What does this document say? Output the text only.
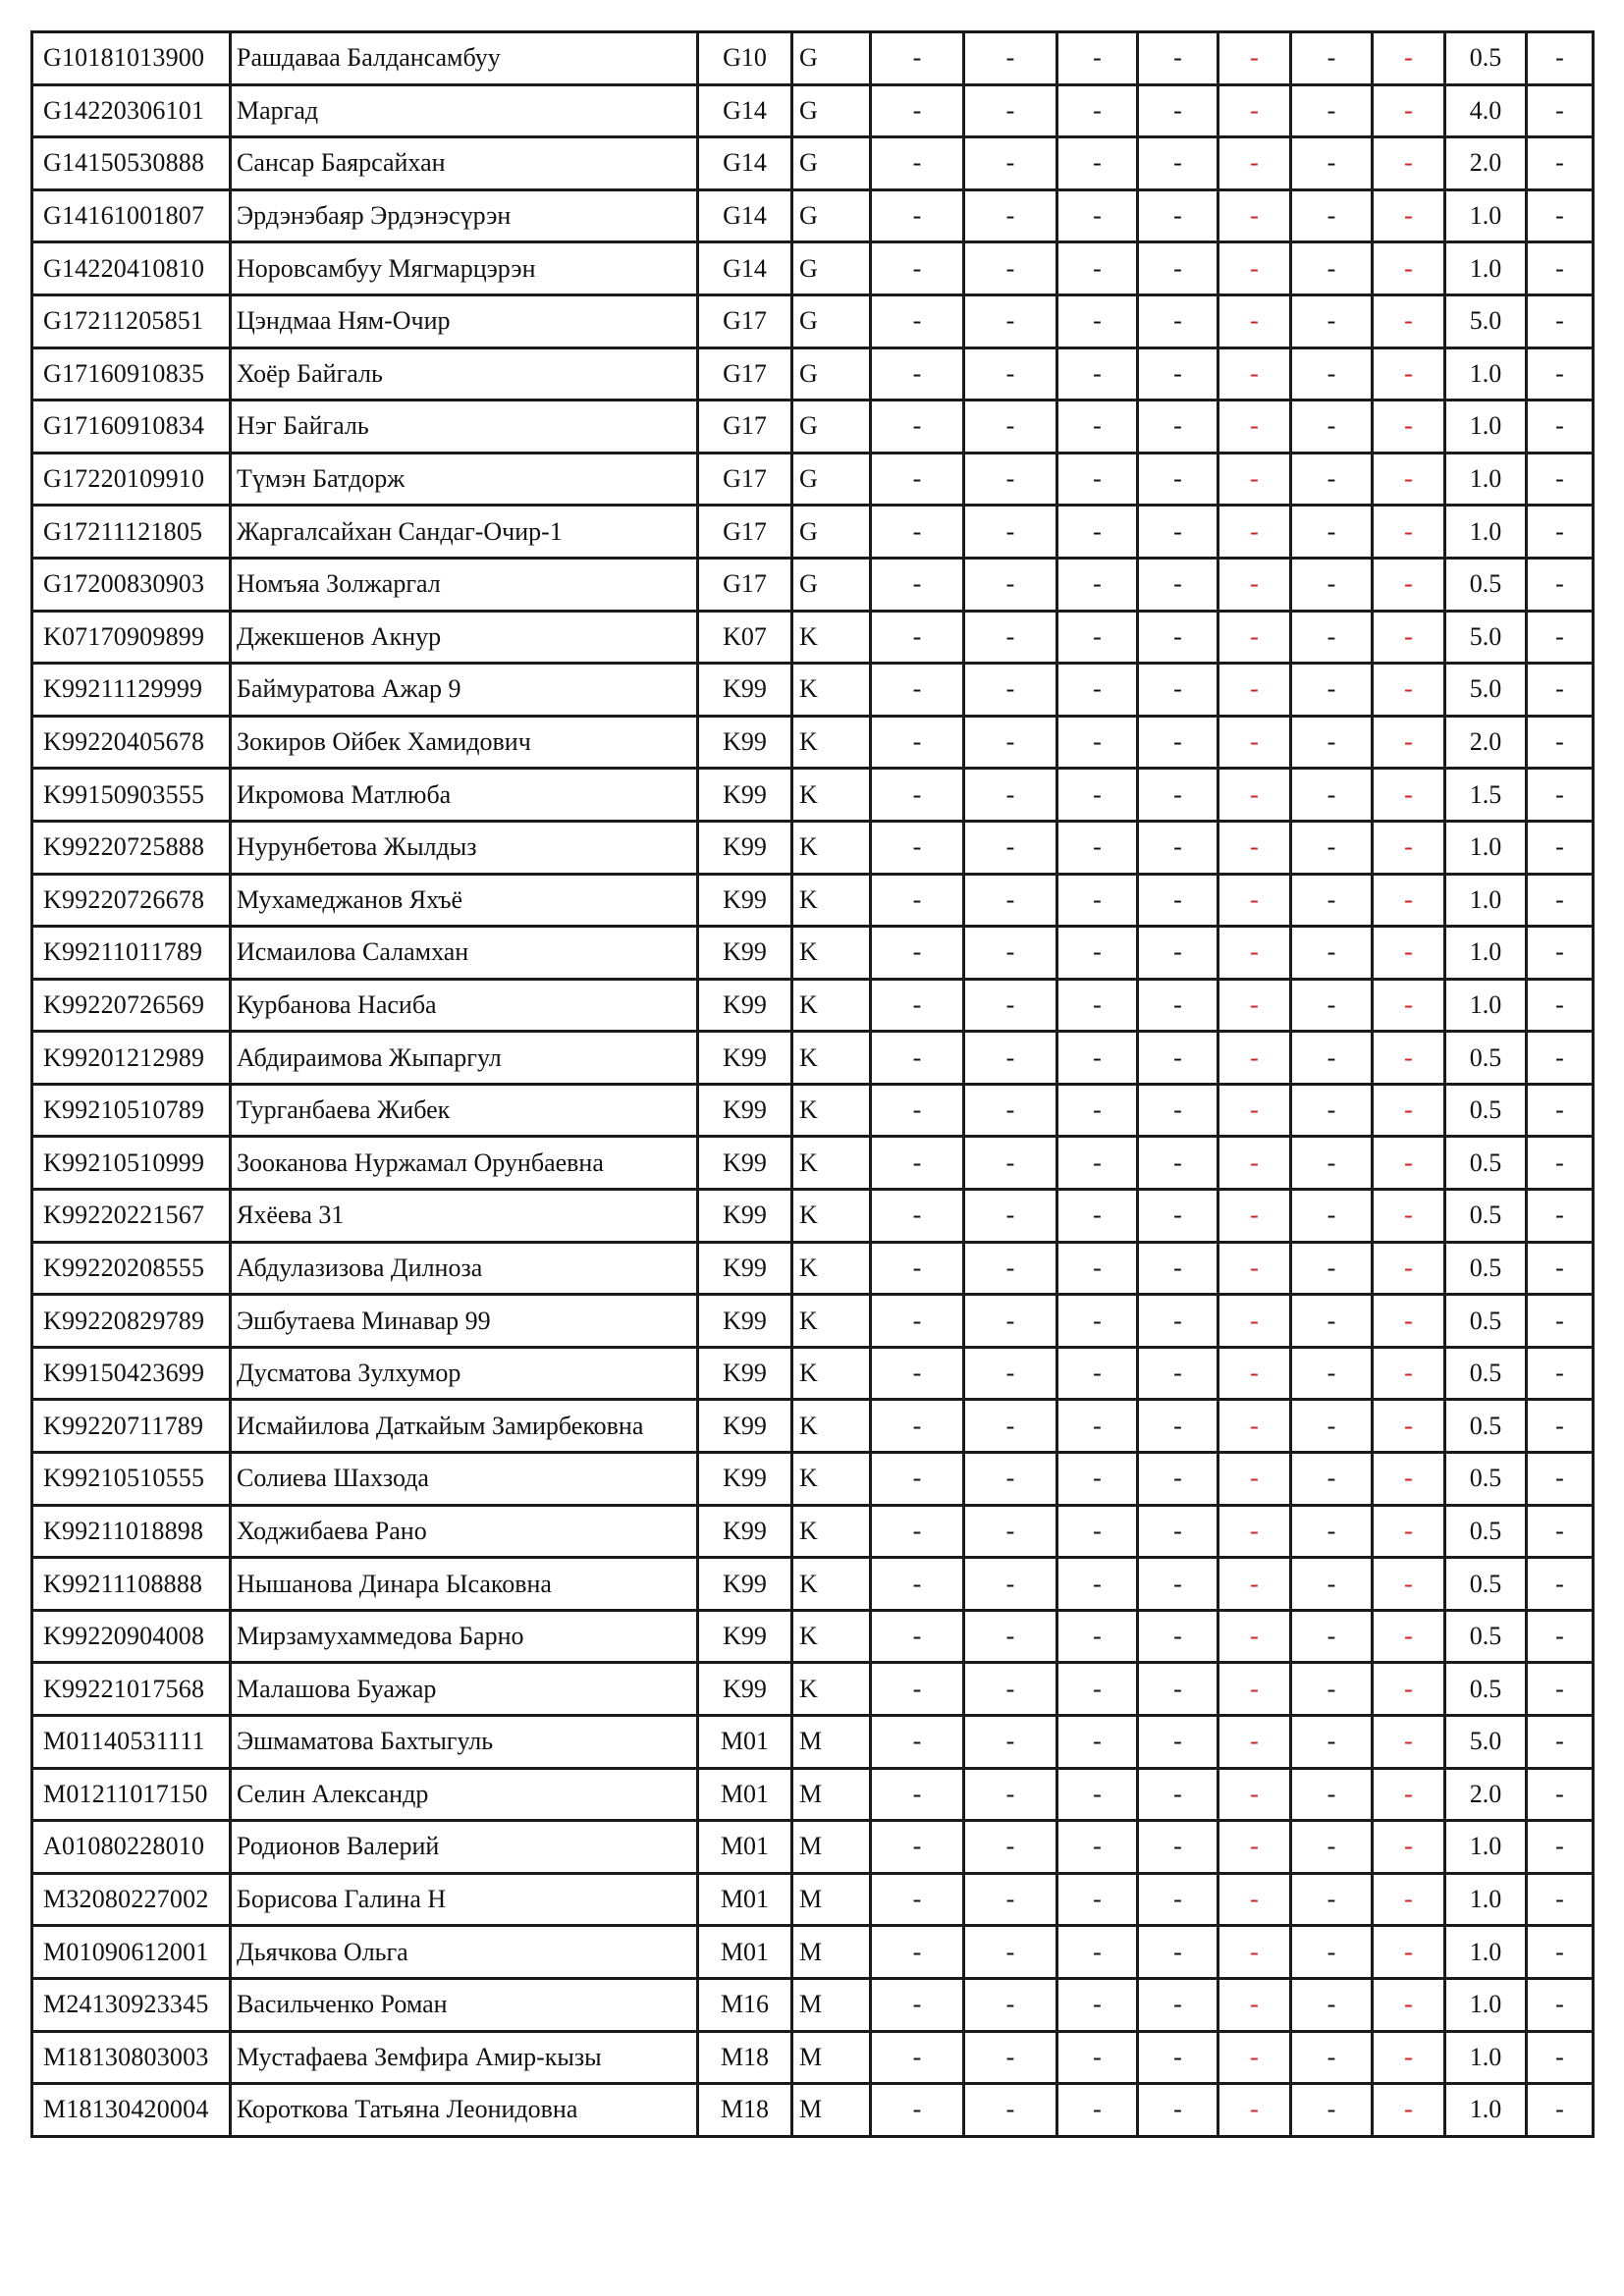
G10181013900	Рашдаваа Балдансамбуу	G10	G	-	-	-	-	-	-	-	0.5	-
G14220306101	Маргад	G14	G	-	-	-	-	-	-	-	4.0	-
G14150530888	Сансар Баярсайхан	G14	G	-	-	-	-	-	-	-	2.0	-
G14161001807	Эрдэнэбаяр Эрдэнэсүрэн	G14	G	-	-	-	-	-	-	-	1.0	-
G14220410810	Норовсамбуу Мягмарцэрэн	G14	G	-	-	-	-	-	-	-	1.0	-
G17211205851	Цэндмаа Ням-Очир	G17	G	-	-	-	-	-	-	-	5.0	-
G17160910835	Хоёр Байгаль	G17	G	-	-	-	-	-	-	-	1.0	-
G17160910834	Нэг Байгаль	G17	G	-	-	-	-	-	-	-	1.0	-
G17220109910	Түмэн Батдорж	G17	G	-	-	-	-	-	-	-	1.0	-
G17211121805	Жаргалсайхан Сандаг-Очир-1	G17	G	-	-	-	-	-	-	-	1.0	-
G17200830903	Номъяа Золжаргал	G17	G	-	-	-	-	-	-	-	0.5	-
K07170909899	Джекшенов Акнур	K07	K	-	-	-	-	-	-	-	5.0	-
K99211129999	Баймуратова Ажар 9	K99	K	-	-	-	-	-	-	-	5.0	-
K99220405678	Зокиров Ойбек Хамидович	K99	K	-	-	-	-	-	-	-	2.0	-
K99150903555	Икромова Матлюба	K99	K	-	-	-	-	-	-	-	1.5	-
K99220725888	Нурунбетова Жылдыз	K99	K	-	-	-	-	-	-	-	1.0	-
K99220726678	Мухамеджанов Яхъё	K99	K	-	-	-	-	-	-	-	1.0	-
K99211011789	Исмаилова Саламхан	K99	K	-	-	-	-	-	-	-	1.0	-
K99220726569	Курбанова Насиба	K99	K	-	-	-	-	-	-	-	1.0	-
K99201212989	Абдираимова Жыпаргул	K99	K	-	-	-	-	-	-	-	0.5	-
K99210510789	Турганбаева Жибек	K99	K	-	-	-	-	-	-	-	0.5	-
K99210510999	Зооканова Нуржамал Орунбаевна	K99	K	-	-	-	-	-	-	-	0.5	-
K99220221567	Яхёева 31	K99	K	-	-	-	-	-	-	-	0.5	-
K99220208555	Абдулазизова Дилноза	K99	K	-	-	-	-	-	-	-	0.5	-
K99220829789	Эшбутаева Минавар 99	K99	K	-	-	-	-	-	-	-	0.5	-
K99150423699	Дусматова Зулхумор	K99	K	-	-	-	-	-	-	-	0.5	-
K99220711789	Исмайилова Даткайым Замирбековна	K99	K	-	-	-	-	-	-	-	0.5	-
K99210510555	Солиева Шахзода	K99	K	-	-	-	-	-	-	-	0.5	-
K99211018898	Ходжибаева Рано	K99	K	-	-	-	-	-	-	-	0.5	-
K99211108888	Нышанова Динара Ысаковна	K99	K	-	-	-	-	-	-	-	0.5	-
K99220904008	Мирзамухаммедова Барно	K99	K	-	-	-	-	-	-	-	0.5	-
K99221017568	Малашова Буажар	K99	K	-	-	-	-	-	-	-	0.5	-
M01140531111	Эшмаматова Бахтыгуль	M01	M	-	-	-	-	-	-	-	5.0	-
M01211017150	Селин Александр	M01	M	-	-	-	-	-	-	-	2.0	-
A01080228010	Родионов Валерий	M01	M	-	-	-	-	-	-	-	1.0	-
M32080227002	Борисова Галина Н	M01	M	-	-	-	-	-	-	-	1.0	-
M01090612001	Дьячкова Ольга	M01	M	-	-	-	-	-	-	-	1.0	-
M24130923345	Васильченко Роман	M16	M	-	-	-	-	-	-	-	1.0	-
M18130803003	Мустафаева Земфира Амир-кызы	M18	M	-	-	-	-	-	-	-	1.0	-
M18130420004	Короткова Татьяна Леонидовна	M18	M	-	-	-	-	-	-	-	1.0	-
